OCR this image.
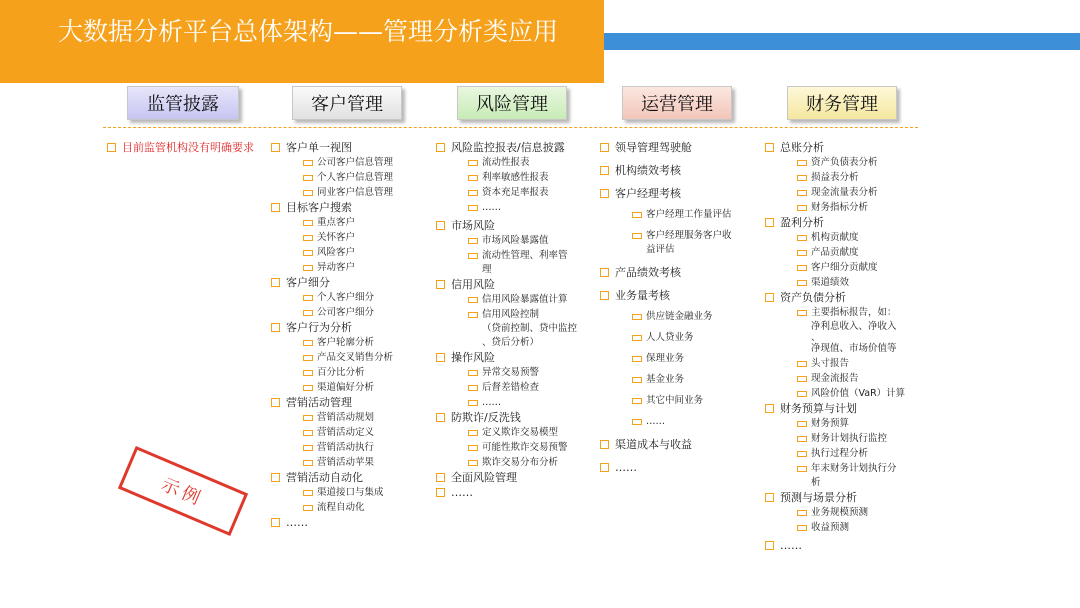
大数据分析平台总体架构——管理分析类应用
监管披露	客户管理	风险管理	运营管理	财务管理
目前监管机构没有明确要求	客户单一视图
公司客户信息管理
个人客户信息管理
同业客户信息管理
目标客户搜索
重点客户
关怀客户
风险客户
异动客户
客户细分
个人客户细分
公司客户细分
客户行为分析
客户轮廓分析
产品交叉销售分析
百分比分析
渠道偏好分析
营销活动管理
营销活动规划
营销活动定义
营销活动执行
营销活动苹果
营销活动自动化
渠道接口与集成
流程自动化
……
风险监控报表/信息披露
流动性报表
利率敏感性报表
资本充足率报表
……
市场风险
市场风险暴露值
流动性管理、利率管
理
信用风险
信用风险暴露值计算
信用风险控制
（贷前控制、贷中监控
、贷后分析）
操作风险
异常交易预警
后督差错检查
……
防欺诈/反洗钱
定义欺诈交易模型
可能性欺诈交易预警
欺诈交易分布分析
全面风险管理
……
领导管理驾驶舱
机构绩效考核
客户经理考核
客户经理工作量评估
客户经理服务客户收
益评估
产品绩效考核
业务量考核
供应链金融业务
人人贷业务
保理业务
基金业务
其它中间业务
……
渠道成本与收益
……
总账分析
资产负债表分析
损益表分析
现金流量表分析
财务指标分析
盈利分析
机构贡献度
产品贡献度
客户细分贡献度
渠道绩效
资产负债分析
主要指标报告，如：
净利息收入、净收入
、
净现值、市场价值等
头寸报告
现金流报告
风险价值（VaR）计算
财务预算与计划
财务预算
财务计划执行监控
执行过程分析
年末财务计划执行分
析
预测与场景分析
业务规模预测
收益预测
……
示例
